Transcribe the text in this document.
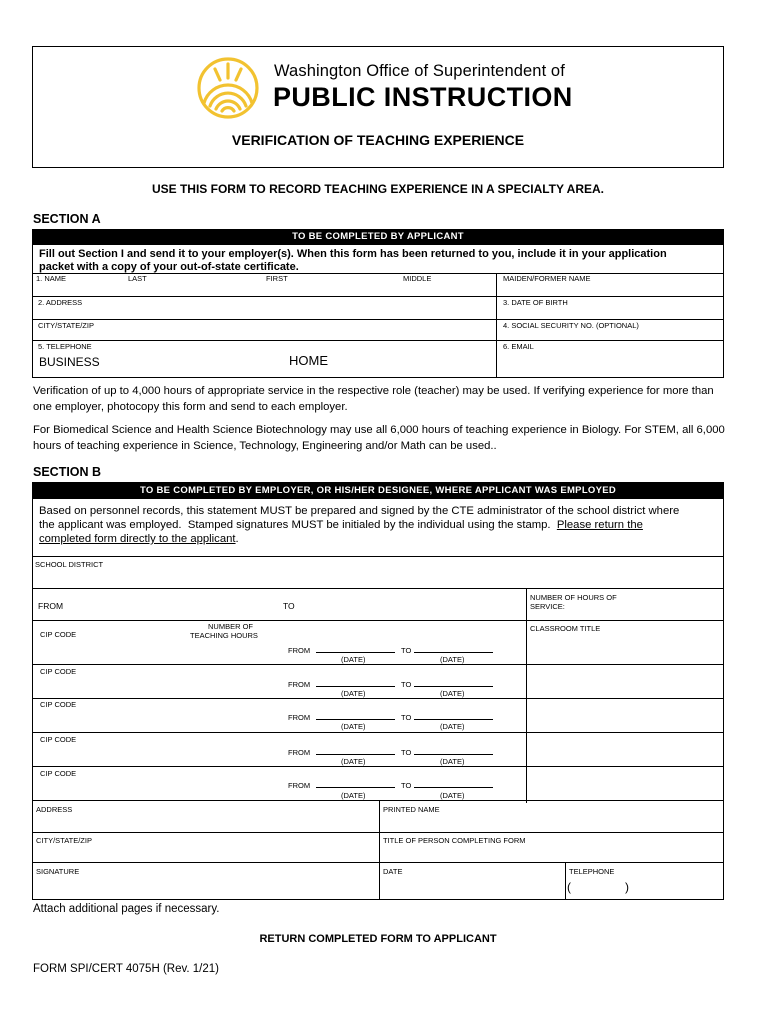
Washington Office of Superintendent of
PUBLIC INSTRUCTION
VERIFICATION OF TEACHING EXPERIENCE
USE THIS FORM TO RECORD TEACHING EXPERIENCE IN A SPECIALTY AREA.
SECTION A
TO BE COMPLETED BY APPLICANT
Fill out Section I and send it to your employer(s). When this form has been returned to you, include it in your application
packet with a copy of your out-of-state certificate.
1. NAME	LAST	FIRST	MIDDLE	MAIDEN/FORMER NAME
2. ADDRESS	3. DATE OF BIRTH
CITY/STATE/ZIP	4. SOCIAL SECURITY NO. (OPTIONAL)
5. TELEPHONE	6. EMAIL
BUSINESS	HOME
Verification of up to 4,000 hours of appropriate service in the respective role (teacher) may be used. If verifying experience for more than
one employer, photocopy this form and send to each employer.
For Biomedical Science and Health Science Biotechnology may use all 6,000 hours of teaching experience in Biology. For STEM, all 6,000
hours of teaching experience in Science, Technology, Engineering and/or Math can be used..
SECTION B
TO BE COMPLETED BY EMPLOYER, OR HIS/HER DESIGNEE, WHERE APPLICANT WAS EMPLOYED
Based on personnel records, this statement MUST be prepared and signed by the CTE administrator of the school district where
the applicant was employed.  Stamped signatures MUST be initialed by the individual using the stamp.  Please return the
completed form directly to the applicant.
SCHOOL DISTRICT
FROM	TO
NUMBER OF HOURS OF
SERVICE:
CIP CODE
NUMBER OF
TEACHING HOURS
CLASSROOM TITLE
FROM	TO
(DATE)	(DATE)
CIP CODE
FROM	TO
(DATE)	(DATE)
CIP CODE
FROM	TO
(DATE)	(DATE)
CIP CODE
FROM	TO
(DATE)	(DATE)
CIP CODE
FROM	TO
(DATE)	(DATE)
ADDRESS	PRINTED NAME
CITY/STATE/ZIP	TITLE OF PERSON COMPLETING FORM
SIGNATURE	DATE	TELEPHONE
(	)
Attach additional pages if necessary.
RETURN COMPLETED FORM TO APPLICANT
FORM SPI/CERT 4075H (Rev. 1/21)
